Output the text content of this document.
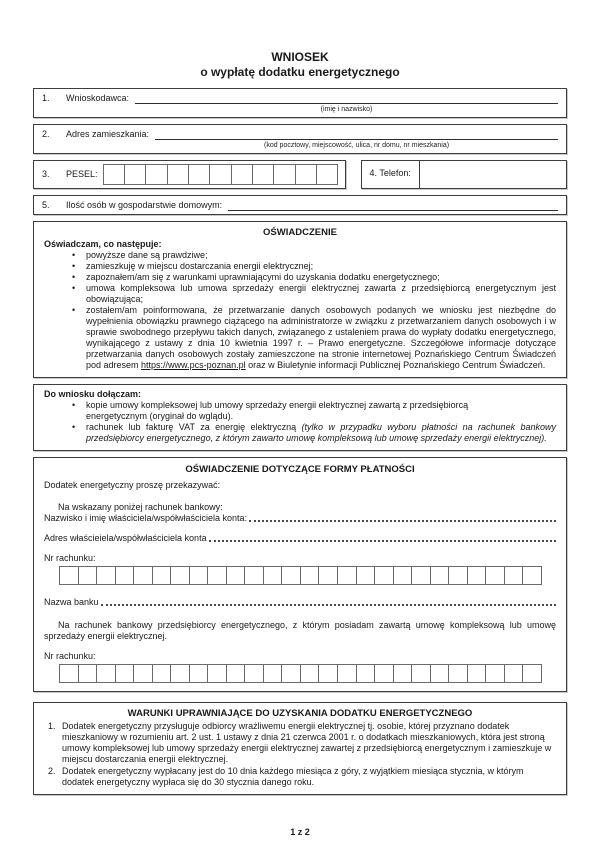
WNIOSEK
o wypłatę dodatku energetycznego
1.	Wnioskodawca:
(imię i nazwisko)
2.	Adres zamieszkania:
(kod pocztowy, miejscowość, ulica, nr domu, nr mieszkania)
3.	PESEL:	4. Telefon:
5.	Ilość osób w gospodarstwie domowym:
OŚWIADCZENIE
Oświadczam, co następuje:
•	powyższe dane są prawdziwe;
•	zamieszkuję w miejscu dostarczania energii elektrycznej;
•	zapoznałem/am się z warunkami uprawniającymi do uzyskania dodatku energetycznego;
•	umowa kompleksowa lub umowa sprzedaży energii elektrycznej zawarta z przedsiębiorcą energetycznym jest obowiązująca;
•	zostałem/am poinformowana, że przetwarzanie danych osobowych podanych we wniosku jest niezbędne do wypełnienia obowiązku prawnego ciążącego na administratorze w związku z przetwarzaniem danych osobowych i w sprawie swobodnego przepływu takich danych, związanego z ustaleniem prawa do wypłaty dodatku energetycznego, wynikającego z ustawy z dnia 10 kwietnia 1997 r. – Prawo energetyczne. Szczegółowe informacje dotyczące przetwarzania danych osobowych zostały zamieszczone na stronie internetowej Poznańskiego Centrum Świadczeń pod adresem https://www.pcs-poznan.pl oraz w Biuletynie informacji Publicznej Poznańskiego Centrum Świadczeń.
Do wniosku dołączam:
•	kopie umowy kompleksowej lub umowy sprzedaży energii elektrycznej zawartą z przedsiębiorcą energetycznym (oryginał do wglądu).
•	rachunek lub fakturę VAT za energię elektryczną (tylko w przypadku wyboru płatności na rachunek bankowy przedsiębiorcy energetycznego, z którym zawarto umowę kompleksową lub umowę sprzedaży energii elektrycznej).
OŚWIADCZENIE DOTYCZĄCE FORMY PŁATNOŚCI
Dodatek energetyczny proszę przekazywać:
Na wskazany poniżej rachunek bankowy:
Nazwisko i imię właściciela/współwłaściciela konta:
Adres właścieiela/współwłaściciela konta
Nr rachunku:
Nazwa banku
Na rachunek bankowy przedsiębiorcy energetycznego, z którym posiadam zawartą umowę kompleksową lub umowę sprzedaży energii elektrycznej.
Nr rachunku:
WARUNKI UPRAWNIAJĄCE DO UZYSKANIA DODATKU ENERGETYCZNEGO
1. Dodatek energetyczny przysługuje odbiorcy wrażliwemu energii elektrycznej tj. osobie, której przyznano dodatek mieszkaniowy w rozumieniu art. 2 ust. 1 ustawy z dnia 21 czerwca 2001 r. o dodatkach mieszkaniowych, która jest stroną umowy kompleksowej lub umowy sprzedaży energii elektrycznej zawartej z przedsiębiorcą energetycznym i zamieszkuje w miejscu dostarczania energii elektrycznej.
2. Dodatek energetyczny wypłacany jest do 10 dnia każdego miesiąca z góry, z wyjątkiem miesiąca stycznia, w którym dodatek energetyczny wypłaca się do 30 stycznia danego roku.
1 z 2
